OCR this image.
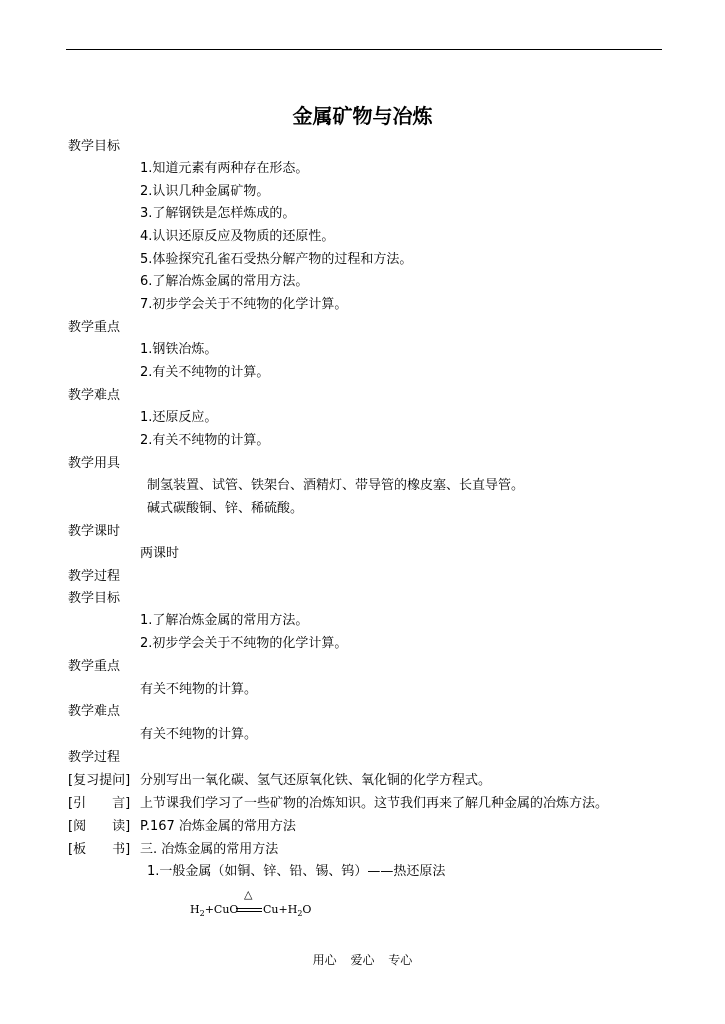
金属矿物与冶炼
教学目标
1.知道元素有两种存在形态。
2.认识几种金属矿物。
3.了解钢铁是怎样炼成的。
4.认识还原反应及物质的还原性。
5.体验探究孔雀石受热分解产物的过程和方法。
6.了解冶炼金属的常用方法。
7.初步学会关于不纯物的化学计算。
教学重点
1.钢铁冶炼。
2.有关不纯物的计算。
教学难点
1.还原反应。
2.有关不纯物的计算。
教学用具
制氢装置、试管、铁架台、酒精灯、带导管的橡皮塞、长直导管。
碱式碳酸铜、锌、稀硫酸。
教学课时
两课时
教学过程
教学目标
1.了解冶炼金属的常用方法。
2.初步学会关于不纯物的化学计算。
教学重点
有关不纯物的计算。
教学难点
有关不纯物的计算。
教学过程
[复习提问] 分别写出一氧化碳、氢气还原氧化铁、氧化铜的化学方程式。
[引　　言] 上节课我们学习了一些矿物的冶炼知识。这节我们再来了解几种金属的冶炼方法。
[阅　　读] P.167 冶炼金属的常用方法
[板　　书] 三. 冶炼金属的常用方法
1.一般金属（如铜、锌、铅、锡、钨）——热还原法
$H_2+CuO$
△
$Cu+H_2O$
用心 爱心 专心
